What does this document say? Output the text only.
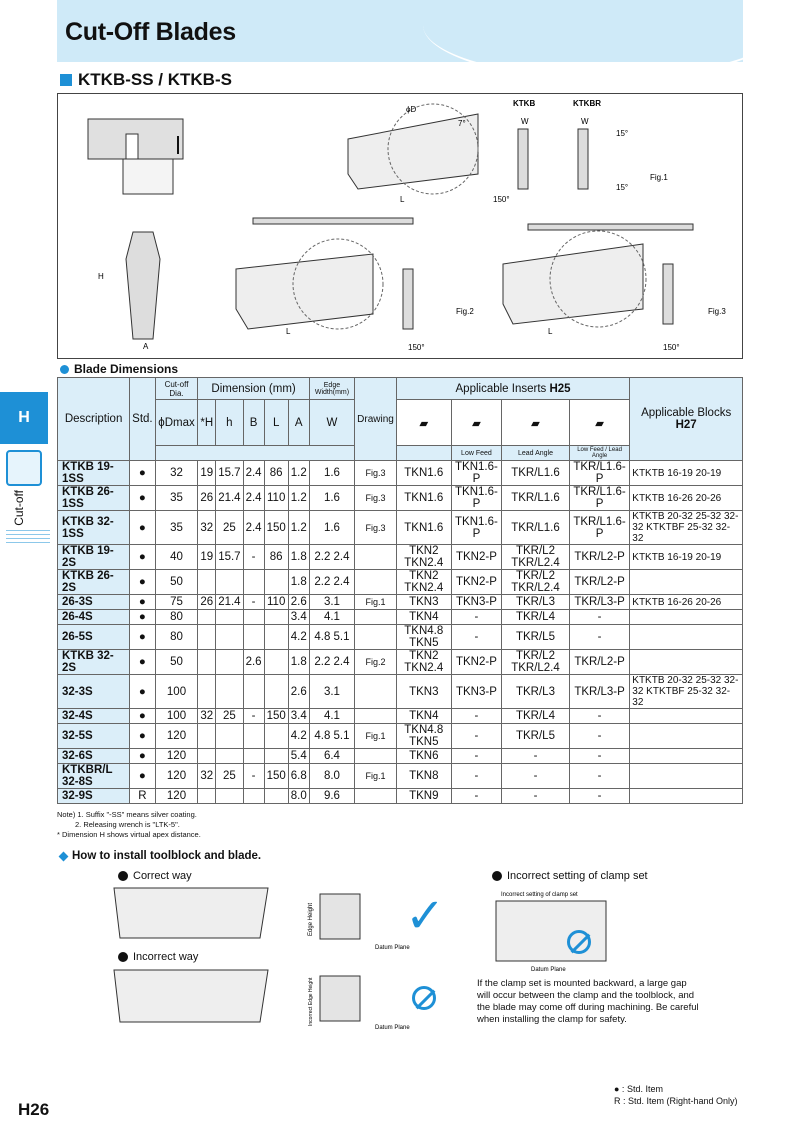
Cut-Off Blades
KTKB-SS / KTKB-S
L	150°
7°
ϕD
KTKB	KTKBR
W	W
15°
15°
Fig.1
H
A
L
150°
Fig.2
L
150°
Fig.3
H
Cut-off
Blade Dimensions
Description	Std.	Cut-off Dia.	Dimension (mm)					Edge Width(mm)	Drawing	Applicable Inserts H25				Applicable Blocks
H27
		ϕDmax	*H	h	B	L	A	W		▰	▰	▰	▰	
											Low Feed	Lead Angle	Low Feed / Lead Angle	
KTKB 19-1SS	●	32	19	15.7	2.4	86	1.2	1.6	Fig.3	TKN1.6	TKN1.6-P	TKR/L1.6	TKR/L1.6-P	KTKTB 16-19 20-19
KTKB 26-1SS	●	35	26	21.4	2.4	110	1.2	1.6	Fig.3	TKN1.6	TKN1.6-P	TKR/L1.6	TKR/L1.6-P	KTKTB 16-26 20-26
KTKB 32-1SS	●	35	32	25	2.4	150	1.2	1.6	Fig.3	TKN1.6	TKN1.6-P	TKR/L1.6	TKR/L1.6-P	KTKTB 20-32 25-32 32-32 KTKTBF 25-32 32-32
KTKB 19-2S	●	40	19	15.7	-	86	1.8	2.2 2.4		TKN2 TKN2.4	TKN2-P	TKR/L2 TKR/L2.4	TKR/L2-P	KTKTB 16-19 20-19
KTKB 26-2S	●	50					1.8	2.2 2.4		TKN2 TKN2.4	TKN2-P	TKR/L2 TKR/L2.4	TKR/L2-P	
26-3S	●	75	26	21.4	-	110	2.6	3.1	Fig.1	TKN3	TKN3-P	TKR/L3	TKR/L3-P	KTKTB 16-26 20-26
26-4S	●	80					3.4	4.1		TKN4	-	TKR/L4	-	
26-5S	●	80					4.2	4.8 5.1		TKN4.8 TKN5	-	TKR/L5	-	
KTKB 32-2S	●	50			2.6		1.8	2.2 2.4	Fig.2	TKN2 TKN2.4	TKN2-P	TKR/L2 TKR/L2.4	TKR/L2-P	
32-3S	●	100					2.6	3.1		TKN3	TKN3-P	TKR/L3	TKR/L3-P	KTKTB 20-32 25-32 32-32 KTKTBF 25-32 32-32
32-4S	●	100	32	25	-	150	3.4	4.1		TKN4	-	TKR/L4	-	
32-5S	●	120					4.2	4.8 5.1	Fig.1	TKN4.8 TKN5	-	TKR/L5	-	
32-6S	●	120					5.4	6.4		TKN6	-	-	-	
KTKBR/L 32-8S	●	120	32	25	-	150	6.8	8.0	Fig.1	TKN8	-	-	-	
32-9S	R	120					8.0	9.6		TKN9	-	-	-	
Note) 1. Suffix "-SS" means silver coating.
2. Releasing wrench is "LTK-5".
* Dimension H shows virtual apex distance.
How to install toolblock and blade.
Correct way
Incorrect way
Incorrect setting of clamp set
Datum Plane
Datum Plane
Edge Height
Incorrect Edge Height
✓	Incorrect setting of clamp set
Datum Plane
If the clamp set is mounted backward, a large gap will occur between the clamp and the toolblock, and the blade may come off during machining. Be careful when installing the clamp for safety.
● : Std. Item
R : Std. Item (Right-hand Only)
H26
